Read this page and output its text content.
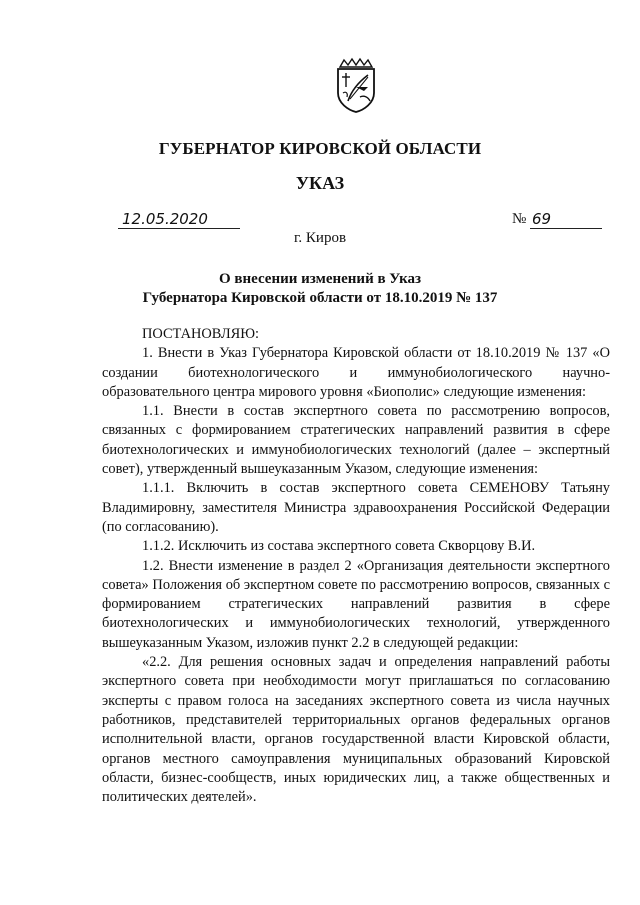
ГУБЕРНАТОР КИРОВСКОЙ ОБЛАСТИ
УКАЗ
12.05.2020	№ 69
г. Киров
О внесении изменений в Указ
Губернатора Кировской области от 18.10.2019 № 137

ПОСТАНОВЛЯЮ:

1. Внести в Указ Губернатора Кировской области от 18.10.2019 № 137 «О создании биотехнологического и иммунобиологического научно-образовательного центра мирового уровня «Биополис» следующие изменения:

1.1. Внести в состав экспертного совета по рассмотрению вопросов, связанных с формированием стратегических направлений развития в сфере биотехнологических и иммунобиологических технологий (далее – экспертный совет), утвержденный вышеуказанным Указом, следующие изменения:

1.1.1. Включить в состав экспертного совета СЕМЕНОВУ Татьяну Владимировну, заместителя Министра здравоохранения Российской Федерации (по согласованию).

1.1.2. Исключить из состава экспертного совета Скворцову В.И.

1.2. Внести изменение в раздел 2 «Организация деятельности экспертного совета» Положения об экспертном совете по рассмотрению вопросов, связанных с формированием стратегических направлений развития в сфере биотехнологических и иммунобиологических технологий, утвержденного вышеуказанным Указом, изложив пункт 2.2 в следующей редакции:

«2.2. Для решения основных задач и определения направлений работы экспертного совета при необходимости могут приглашаться по согласованию эксперты с правом голоса на заседаниях экспертного совета из числа научных работников, представителей территориальных органов федеральных органов исполнительной власти, органов государственной власти Кировской области, органов местного самоуправления муниципальных образований Кировской области, бизнес-сообществ, иных юридических лиц, а также общественных и политических деятелей».
